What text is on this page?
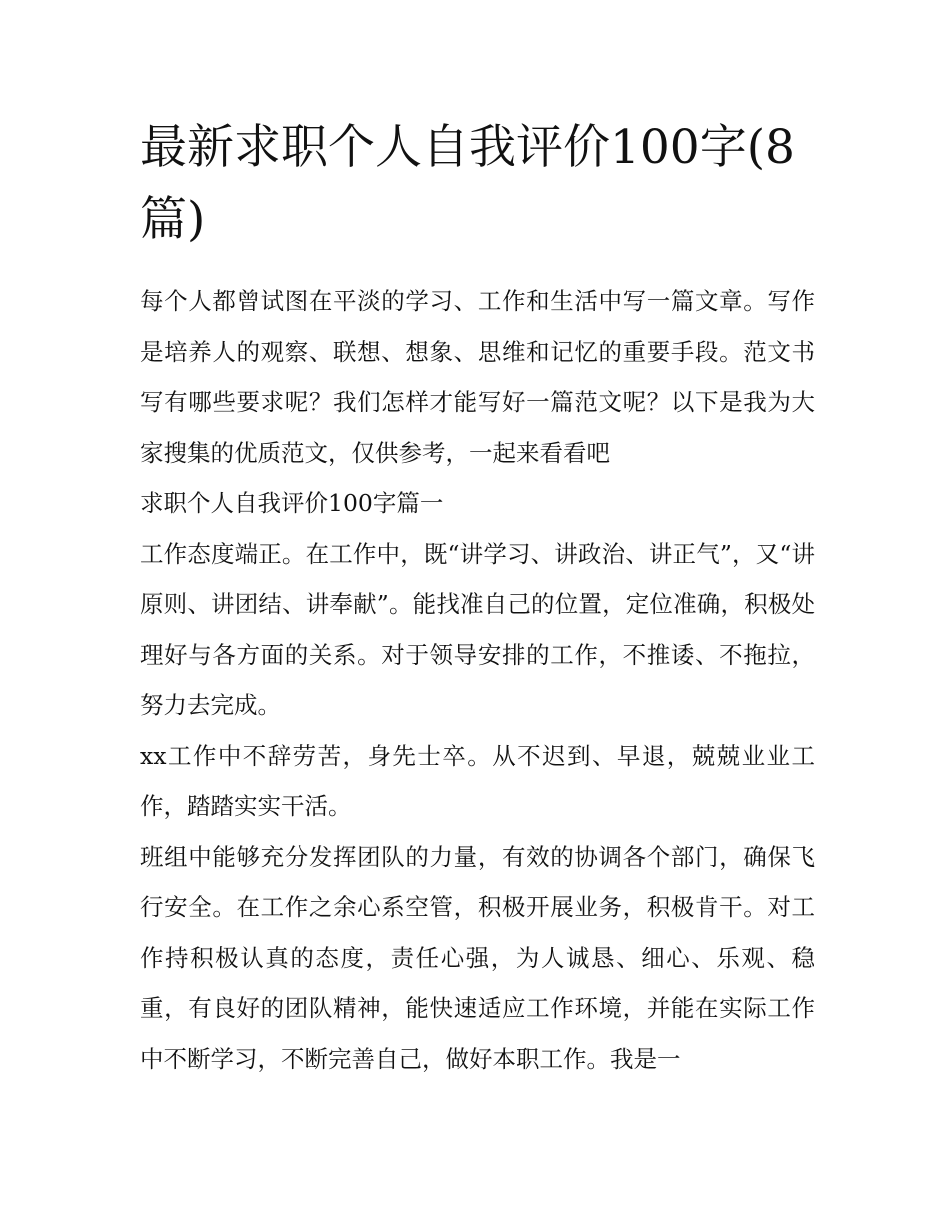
最新求职个人自我评价100字(8篇)

每个人都曾试图在平淡的学习、工作和生活中写一篇文章。写作是培养人的观察、联想、想象、思维和记忆的重要手段。范文书写有哪些要求呢？我们怎样才能写好一篇范文呢？以下是我为大家搜集的优质范文，仅供参考，一起来看看吧

求职个人自我评价100字篇一

工作态度端正。在工作中，既“讲学习、讲政治、讲正气”，又“讲原则、讲团结、讲奉献”。能找准自己的位置，定位准确，积极处理好与各方面的关系。对于领导安排的工作，不推诿、不拖拉，努力去完成。

xx工作中不辞劳苦，身先士卒。从不迟到、早退，兢兢业业工作，踏踏实实干活。

班组中能够充分发挥团队的力量，有效的协调各个部门，确保飞行安全。在工作之余心系空管，积极开展业务，积极肯干。对工作持积极认真的态度，责任心强，为人诚恳、细心、乐观、稳重，有良好的团队精神，能快速适应工作环境，并能在实际工作中不断学习，不断完善自己，做好本职工作。我是一
